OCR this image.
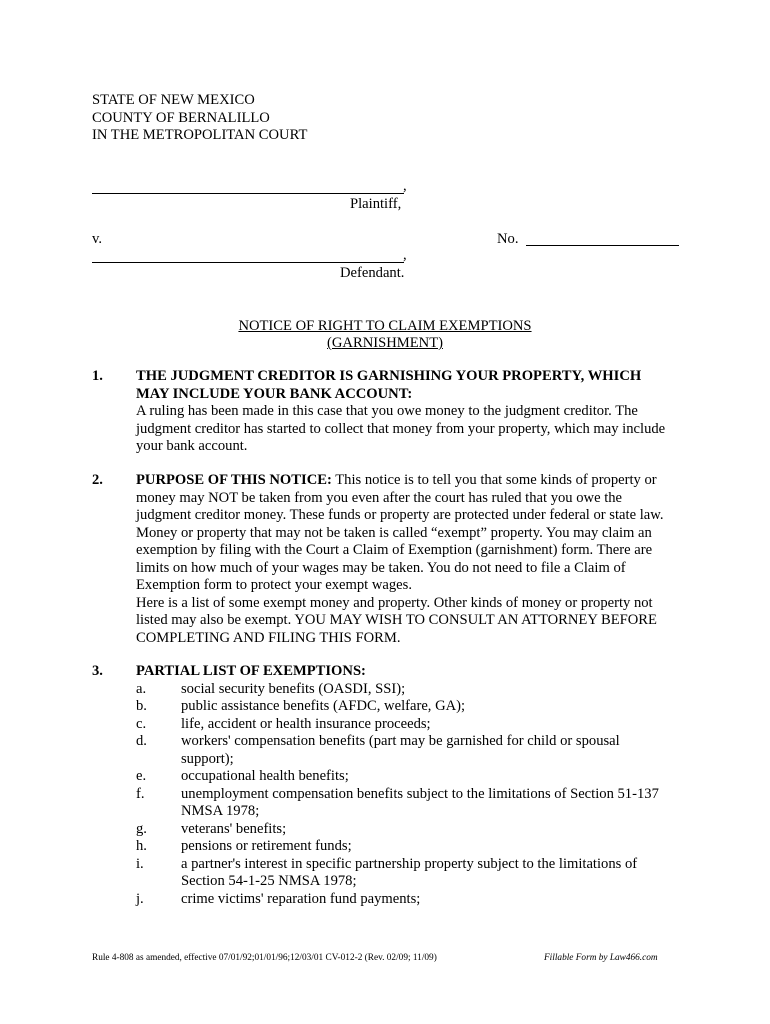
STATE OF NEW MEXICO
COUNTY OF BERNALILLO
IN THE METROPOLITAN COURT
,
Plaintiff,
v.	No.
,
Defendant.
NOTICE OF RIGHT TO CLAIM EXEMPTIONS
(GARNISHMENT)
1. THE JUDGMENT CREDITOR IS GARNISHING YOUR PROPERTY, WHICH
MAY INCLUDE YOUR BANK ACCOUNT:
A ruling has been made in this case that you owe money to the judgment creditor. The
judgment creditor has started to collect that money from your property, which may include
your bank account.
2. PURPOSE OF THIS NOTICE: This notice is to tell you that some kinds of property or
money may NOT be taken from you even after the court has ruled that you owe the
judgment creditor money. These funds or property are protected under federal or state law.
Money or property that may not be taken is called “exempt” property. You may claim an
exemption by filing with the Court a Claim of Exemption (garnishment) form. There are
limits on how much of your wages may be taken. You do not need to file a Claim of
Exemption form to protect your exempt wages.
Here is a list of some exempt money and property. Other kinds of money or property not
listed may also be exempt. YOU MAY WISH TO CONSULT AN ATTORNEY BEFORE
COMPLETING AND FILING THIS FORM.
3. PARTIAL LIST OF EXEMPTIONS:
a. social security benefits (OASDI, SSI);
b. public assistance benefits (AFDC, welfare, GA);
c. life, accident or health insurance proceeds;
d. workers' compensation benefits (part may be garnished for child or spousal
support);
e. occupational health benefits;
f. unemployment compensation benefits subject to the limitations of Section 51-137
NMSA 1978;
g. veterans' benefits;
h. pensions or retirement funds;
i.	a partner's interest in specific partnership property subject to the limitations of
Section 54-1-25 NMSA 1978;
j.	crime victims' reparation fund payments;
Rule 4-808 as amended, effective 07/01/92;01/01/96;12/03/01 CV-012-2 (Rev. 02/09; 11/09)	Fillable Form by Law466.com
